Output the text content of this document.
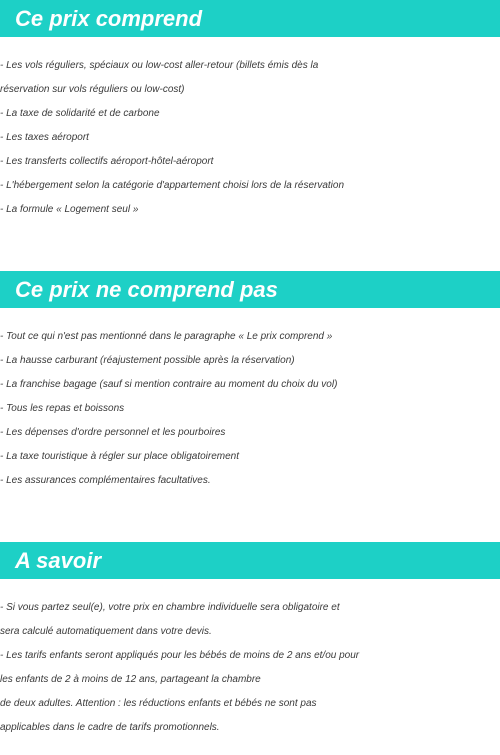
Ce prix comprend
- Les vols réguliers, spéciaux ou low-cost aller-retour (billets émis dès la
réservation sur vols réguliers ou low-cost)
- La taxe de solidarité et de carbone
- Les taxes aéroport
- Les transferts collectifs aéroport-hôtel-aéroport
- L'hébergement selon la catégorie d'appartement choisi lors de la réservation
- La formule « Logement seul »
Ce prix ne comprend pas
- Tout ce qui n'est pas mentionné dans le paragraphe « Le prix comprend »
- La hausse carburant (réajustement possible après la réservation)
- La franchise bagage (sauf si mention contraire au moment du choix du vol)
- Tous les repas et boissons
- Les dépenses d'ordre personnel et les pourboires
- La taxe touristique à régler sur place obligatoirement
- Les assurances complémentaires facultatives.
A savoir
- Si vous partez seul(e), votre prix en chambre individuelle sera obligatoire et
sera calculé automatiquement dans votre devis.
- Les tarifs enfants seront appliqués pour les bébés de moins de 2 ans et/ou pour
les enfants de 2 à moins de 12 ans, partageant la chambre
de deux adultes. Attention : les réductions enfants et bébés ne sont pas
applicables dans le cadre de tarifs promotionnels.
